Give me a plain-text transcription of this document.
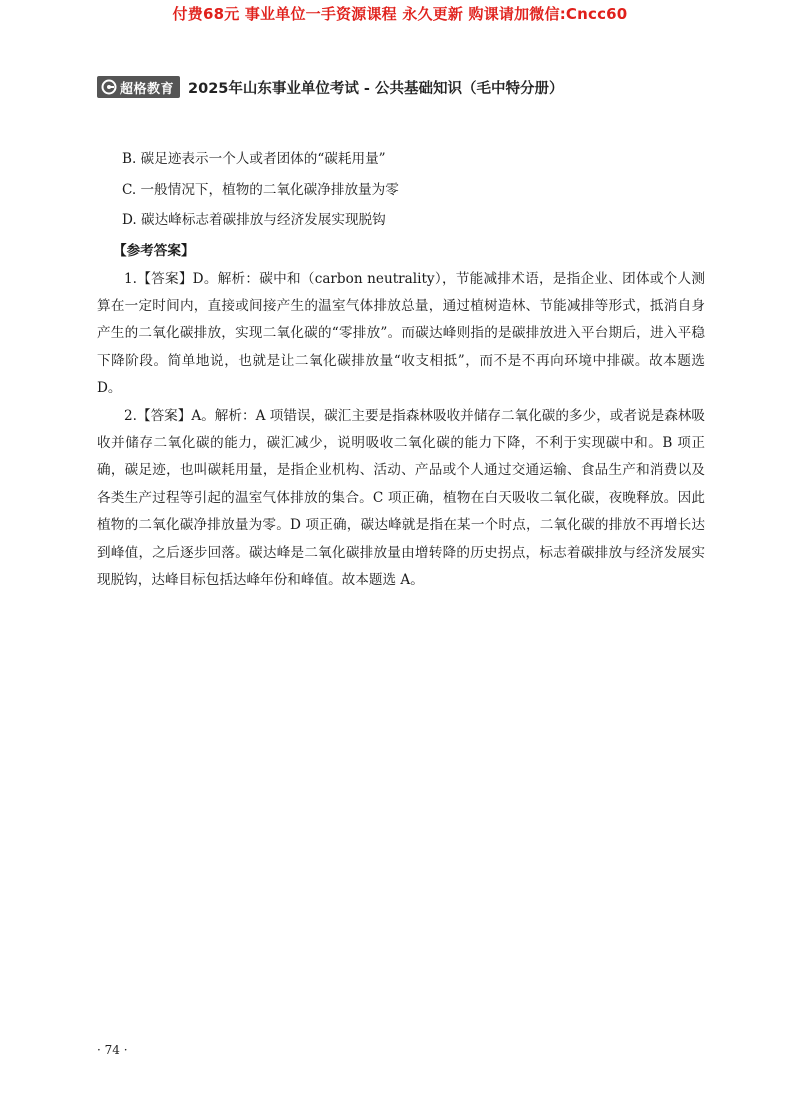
付费68元 事业单位一手资源课程 永久更新 购课请加微信:Cncc60
超格教育 2025年山东事业单位考试 - 公共基础知识（毛中特分册）

B. 碳足迹表示一个人或者团体的“碳耗用量”

C. 一般情况下，植物的二氧化碳净排放量为零

D. 碳达峰标志着碳排放与经济发展实现脱钩

【参考答案】

1.【答案】D。解析：碳中和（carbon neutrality），节能减排术语，是指企业、团体或个人测算在一定时间内，直接或间接产生的温室气体排放总量，通过植树造林、节能减排等形式，抵消自身产生的二氧化碳排放，实现二氧化碳的“零排放”。而碳达峰则指的是碳排放进入平台期后，进入平稳下降阶段。简单地说，也就是让二氧化碳排放量“收支相抵”，而不是不再向环境中排碳。故本题选 D。

2.【答案】A。解析：A 项错误，碳汇主要是指森林吸收并储存二氧化碳的多少，或者说是森林吸收并储存二氧化碳的能力，碳汇减少，说明吸收二氧化碳的能力下降，不利于实现碳中和。B 项正确，碳足迹，也叫碳耗用量，是指企业机构、活动、产品或个人通过交通运输、食品生产和消费以及各类生产过程等引起的温室气体排放的集合。C 项正确，植物在白天吸收二氧化碳，夜晚释放。因此植物的二氧化碳净排放量为零。D 项正确，碳达峰就是指在某一个时点，二氧化碳的排放不再增长达到峰值，之后逐步回落。碳达峰是二氧化碳排放量由增转降的历史拐点，标志着碳排放与经济发展实现脱钩，达峰目标包括达峰年份和峰值。故本题选 A。

· 74 ·
